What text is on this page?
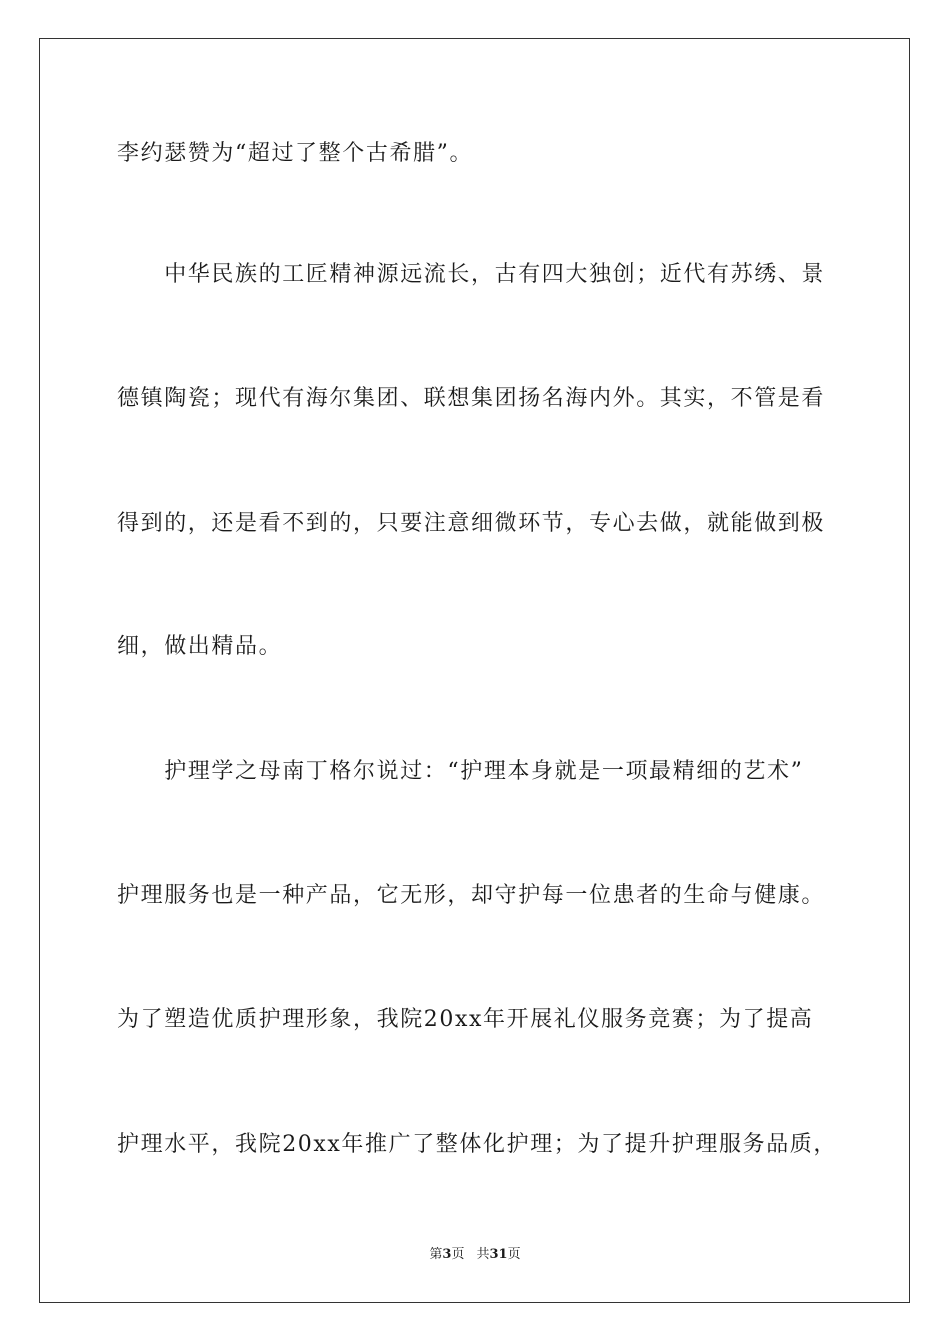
李约瑟赞为“超过了整个古希腊”。
　　中华民族的工匠精神源远流长，古有四大独创；近代有苏绣、景
德镇陶瓷；现代有海尔集团、联想集团扬名海内外。其实，不管是看
得到的，还是看不到的，只要注意细微环节，专心去做，就能做到极
细，做出精品。
　　护理学之母南丁格尔说过：“护理本身就是一项最精细的艺术”
护理服务也是一种产品，它无形，却守护每一位患者的生命与健康。
为了塑造优质护理形象，我院20xx年开展礼仪服务竞赛；为了提高
护理水平，我院20xx年推广了整体化护理；为了提升护理服务品质，
第3页 共31页
